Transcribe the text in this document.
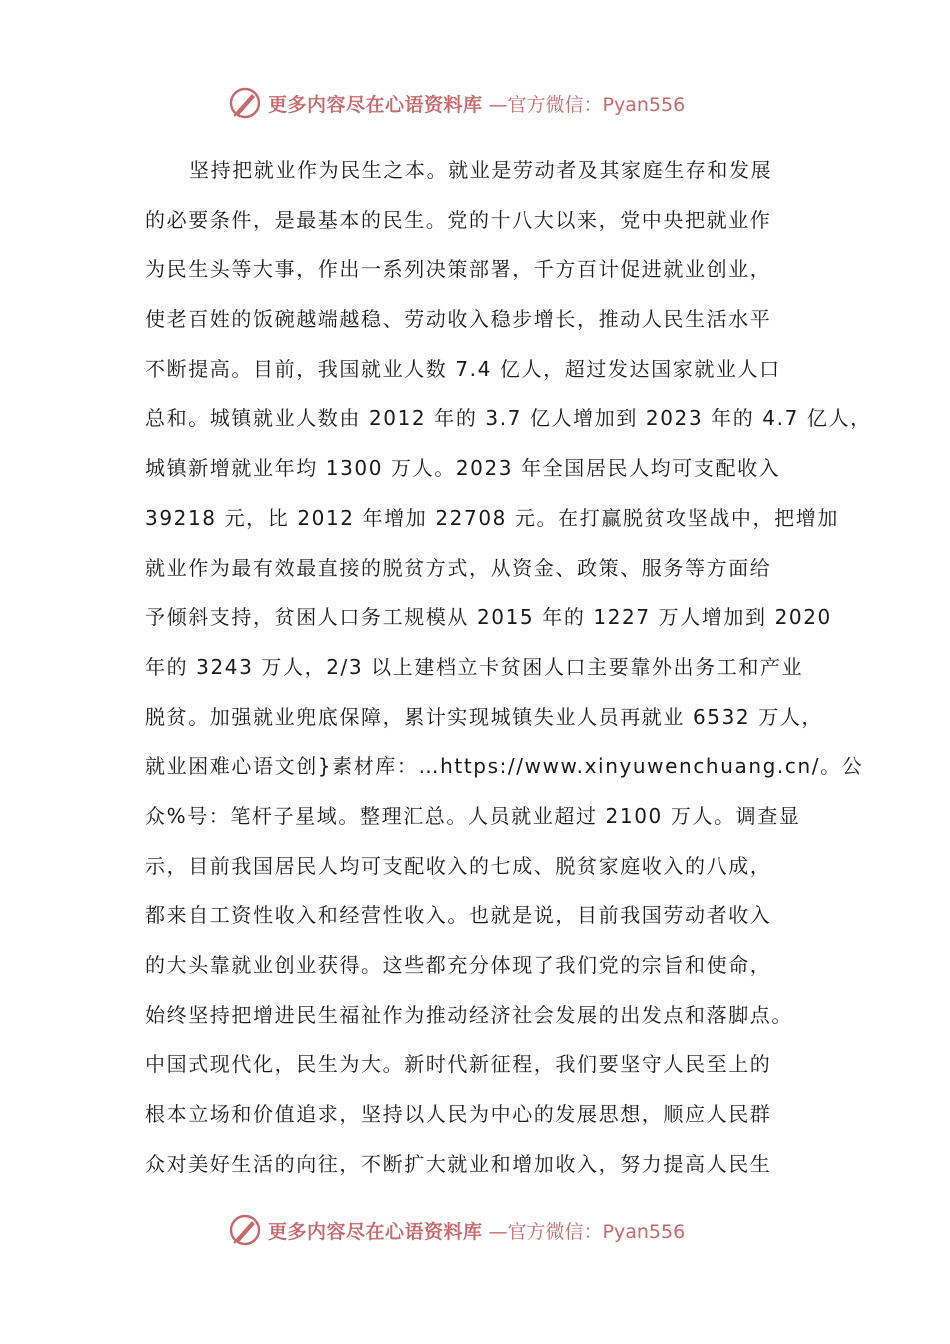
更多内容尽在心语资料库 —官方微信：Pyan556
坚持把就业作为民生之本。就业是劳动者及其家庭生存和发展
的必要条件，是最基本的民生。党的十八大以来，党中央把就业作
为民生头等大事，作出一系列决策部署，千方百计促进就业创业，
使老百姓的饭碗越端越稳、劳动收入稳步增长，推动人民生活水平
不断提高。目前，我国就业人数 7.4 亿人，超过发达国家就业人口
总和。城镇就业人数由 2012 年的 3.7 亿人增加到 2023 年的 4.7 亿人，
城镇新增就业年均 1300 万人。2023 年全国居民人均可支配收入
39218 元，比 2012 年增加 22708 元。在打赢脱贫攻坚战中，把增加
就业作为最有效最直接的脱贫方式，从资金、政策、服务等方面给
予倾斜支持，贫困人口务工规模从 2015 年的 1227 万人增加到 2020
年的 3243 万人，2/3 以上建档立卡贫困人口主要靠外出务工和产业
脱贫。加强就业兜底保障，累计实现城镇失业人员再就业 6532 万人，
就业困难心语文创}素材库：…https://www.xinyuwenchuang.cn/。公
众%号：笔杆子星域。整理汇总。人员就业超过 2100 万人。调查显
示，目前我国居民人均可支配收入的七成、脱贫家庭收入的八成，
都来自工资性收入和经营性收入。也就是说，目前我国劳动者收入
的大头靠就业创业获得。这些都充分体现了我们党的宗旨和使命，
始终坚持把增进民生福祉作为推动经济社会发展的出发点和落脚点。
中国式现代化，民生为大。新时代新征程，我们要坚守人民至上的
根本立场和价值追求，坚持以人民为中心的发展思想，顺应人民群
众对美好生活的向往，不断扩大就业和增加收入，努力提高人民生
更多内容尽在心语资料库 —官方微信：Pyan556
